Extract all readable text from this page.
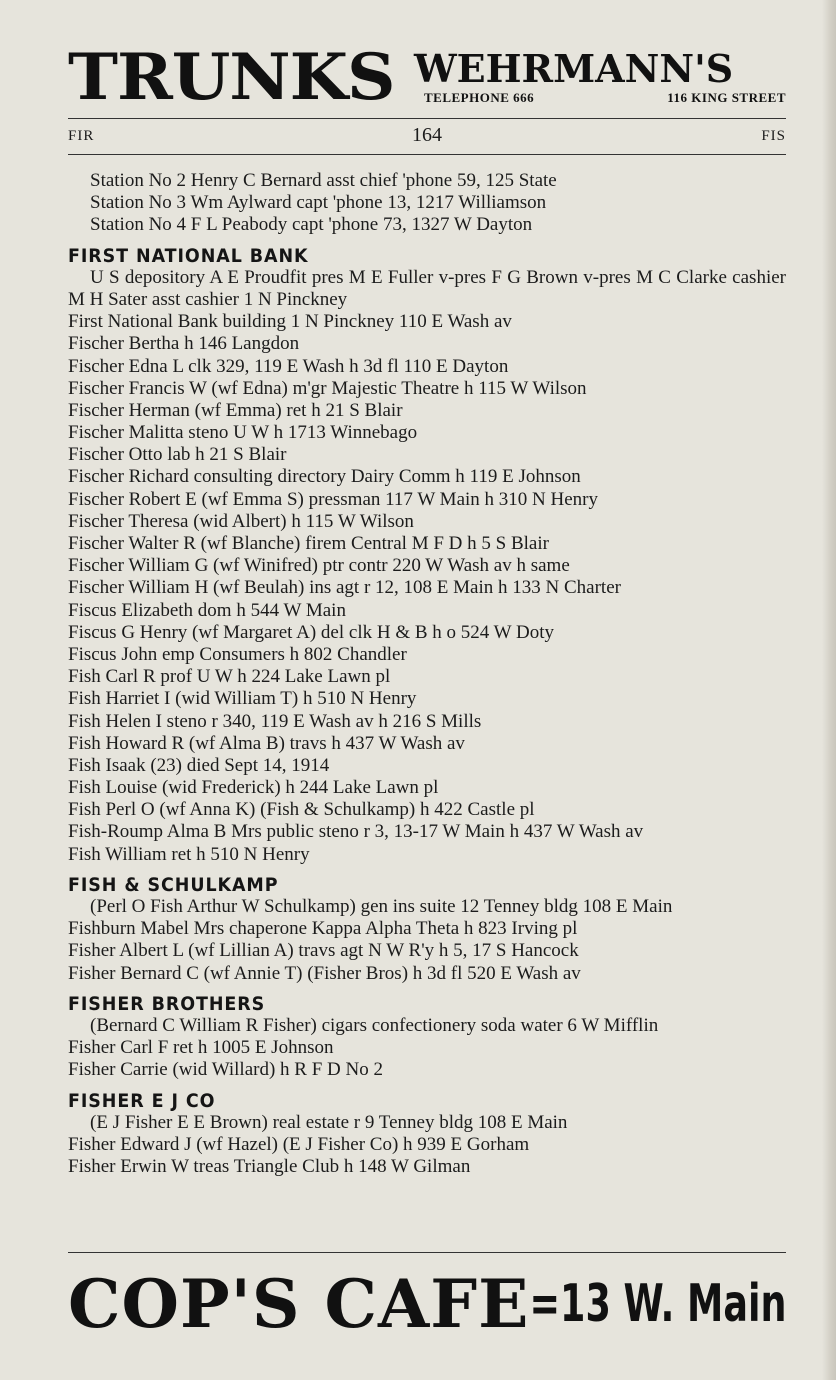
TRUNKS WEHRMANN'S
TELEPHONE 666	116 KING STREET
FIR	164	FIS
Station No 2 Henry C Bernard asst chief 'phone 59, 125 State
Station No 3 Wm Aylward capt 'phone 13, 1217 Williamson
Station No 4 F L Peabody capt 'phone 73, 1327 W Dayton
FIRST NATIONAL BANK
U S depository A E Proudfit pres M E Fuller v-pres F G Brown v-pres M C Clarke cashier M H Sater asst cashier 1 N Pinckney
First National Bank building 1 N Pinckney 110 E Wash av
Fischer Bertha h 146 Langdon
Fischer Edna L clk 329, 119 E Wash h 3d fl 110 E Dayton
Fischer Francis W (wf Edna) m'gr Majestic Theatre h 115 W Wilson
Fischer Herman (wf Emma) ret h 21 S Blair
Fischer Malitta steno U W h 1713 Winnebago
Fischer Otto lab h 21 S Blair
Fischer Richard consulting directory Dairy Comm h 119 E Johnson
Fischer Robert E (wf Emma S) pressman 117 W Main h 310 N Henry
Fischer Theresa (wid Albert) h 115 W Wilson
Fischer Walter R (wf Blanche) firem Central M F D h 5 S Blair
Fischer William G (wf Winifred) ptr contr 220 W Wash av h same
Fischer William H (wf Beulah) ins agt r 12, 108 E Main h 133 N Charter
Fiscus Elizabeth dom h 544 W Main
Fiscus G Henry (wf Margaret A) del clk H & B h o 524 W Doty
Fiscus John emp Consumers h 802 Chandler
Fish Carl R prof U W h 224 Lake Lawn pl
Fish Harriet I (wid William T) h 510 N Henry
Fish Helen I steno r 340, 119 E Wash av h 216 S Mills
Fish Howard R (wf Alma B) travs h 437 W Wash av
Fish Isaak (23) died Sept 14, 1914
Fish Louise (wid Frederick) h 244 Lake Lawn pl
Fish Perl O (wf Anna K) (Fish & Schulkamp) h 422 Castle pl
Fish-Roump Alma B Mrs public steno r 3, 13-17 W Main h 437 W Wash av
Fish William ret h 510 N Henry
FISH & SCHULKAMP
(Perl O Fish Arthur W Schulkamp) gen ins suite 12 Tenney bldg 108 E Main
Fishburn Mabel Mrs chaperone Kappa Alpha Theta h 823 Irving pl
Fisher Albert L (wf Lillian A) travs agt N W R'y h 5, 17 S Hancock
Fisher Bernard C (wf Annie T) (Fisher Bros) h 3d fl 520 E Wash av
FISHER BROTHERS
(Bernard C William R Fisher) cigars confectionery soda water 6 W Mifflin
Fisher Carl F ret h 1005 E Johnson
Fisher Carrie (wid Willard) h R F D No 2
FISHER E J CO
(E J Fisher E E Brown) real estate r 9 Tenney bldg 108 E Main
Fisher Edward J (wf Hazel) (E J Fisher Co) h 939 E Gorham
Fisher Erwin W treas Triangle Club h 148 W Gilman
COP'S CAFE =13 W. Main
